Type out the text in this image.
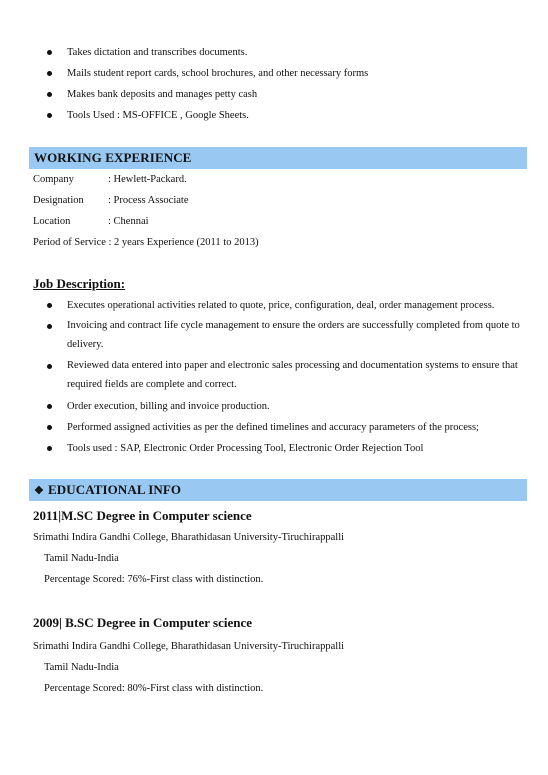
Takes dictation and transcribes documents.
Mails student report cards, school brochures, and other necessary forms
Makes bank deposits and manages petty cash
Tools Used : MS-OFFICE , Google Sheets.
WORKING EXPERIENCE
Company	: Hewlett-Packard.
Designation : Process Associate
Location	: Chennai
Period of Service : 2 years Experience (2011 to 2013)
Job Description:
Executes operational activities related to quote, price, configuration, deal, order management process.
Invoicing and contract life cycle management to ensure the orders are successfully completed from quote to delivery.
Reviewed data entered into paper and electronic sales processing and documentation systems to ensure that required fields are complete and correct.
Order execution, billing and invoice production.
Performed assigned activities as per the defined timelines and accuracy parameters of the process;
Tools used : SAP, Electronic Order Processing Tool, Electronic Order Rejection Tool
❖ EDUCATIONAL INFO
2011|M.SC Degree in Computer science
Srimathi Indira Gandhi College, Bharathidasan University-Tiruchirappalli
Tamil Nadu-India
Percentage Scored: 76%-First class with distinction.
2009| B.SC Degree in Computer science
Srimathi Indira Gandhi College, Bharathidasan University-Tiruchirappalli
Tamil Nadu-India
Percentage Scored: 80%-First class with distinction.
